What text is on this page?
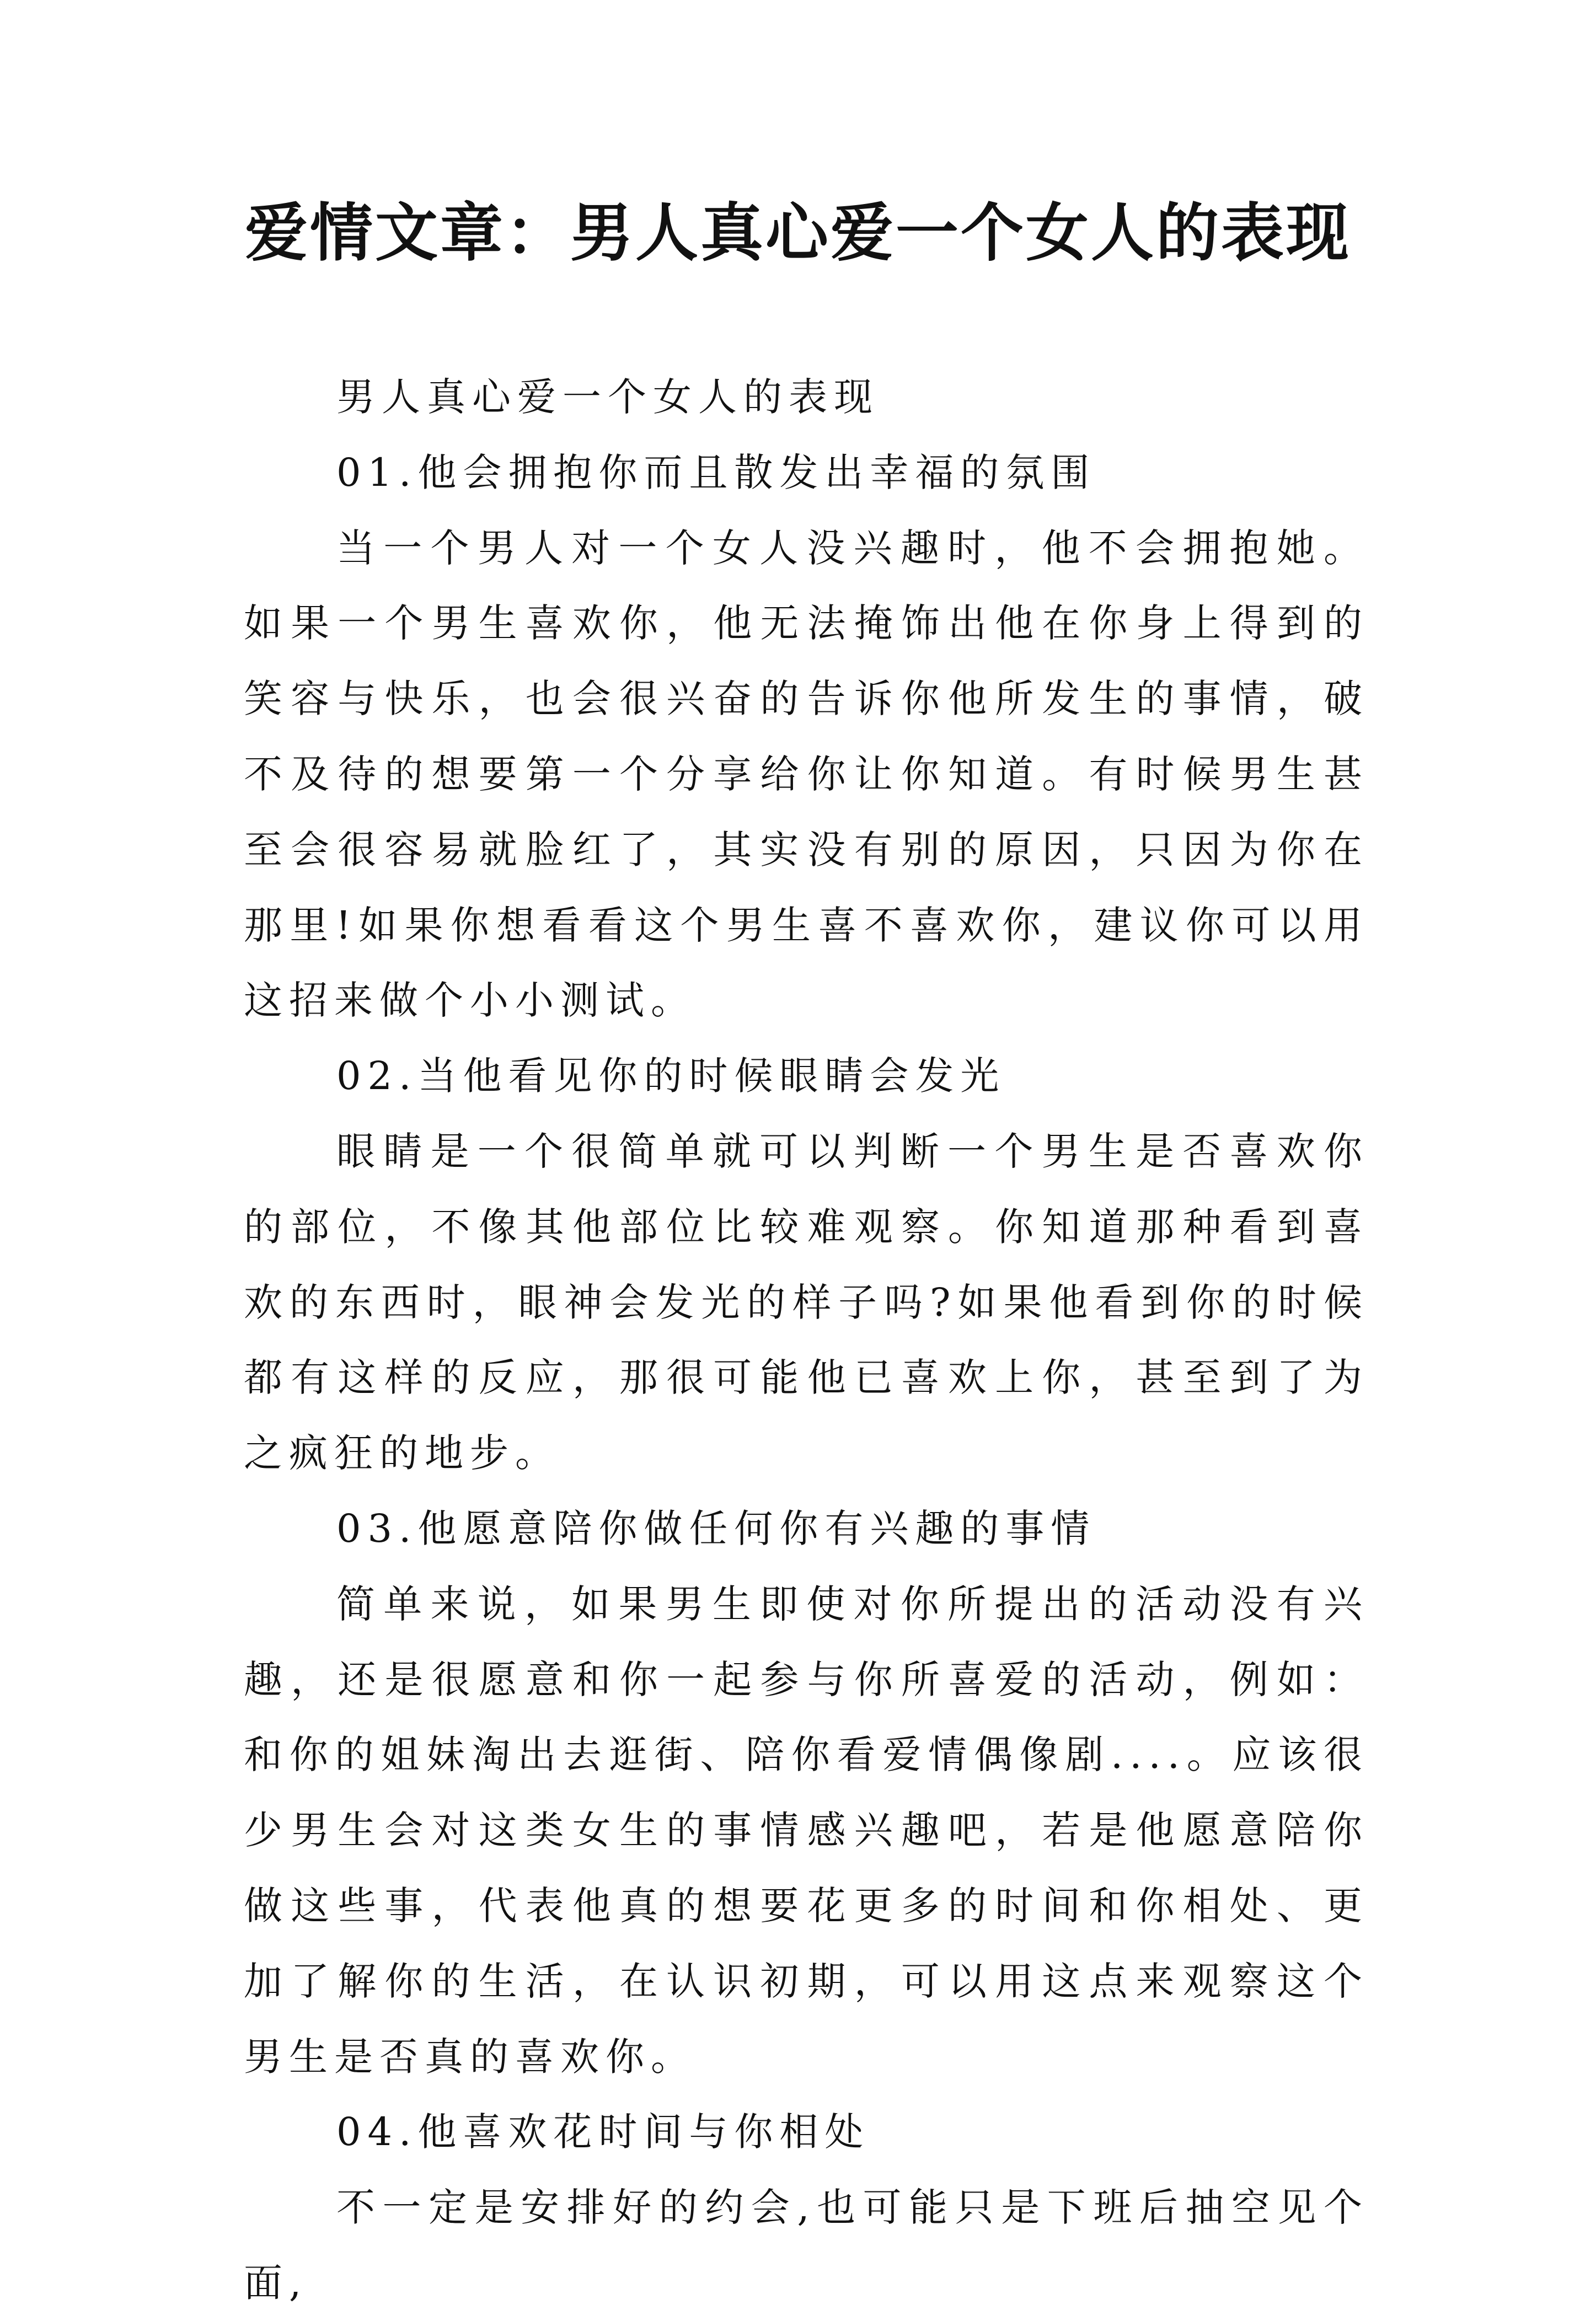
爱情文章：男人真心爱一个女人的表现

男人真心爱一个女人的表现

01.他会拥抱你而且散发出幸福的氛围

当一个男人对一个女人没兴趣时，他不会拥抱她。如果一个男生喜欢你，他无法掩饰出他在你身上得到的笑容与快乐，也会很兴奋的告诉你他所发生的事情，破不及待的想要第一个分享给你让你知道。有时候男生甚至会很容易就脸红了，其实没有别的原因，只因为你在那里!如果你想看看这个男生喜不喜欢你，建议你可以用这招来做个小小测试。

02.当他看见你的时候眼睛会发光

眼睛是一个很简单就可以判断一个男生是否喜欢你的部位，不像其他部位比较难观察。你知道那种看到喜欢的东西时，眼神会发光的样子吗?如果他看到你的时候都有这样的反应，那很可能他已喜欢上你，甚至到了为之疯狂的地步。

03.他愿意陪你做任何你有兴趣的事情

简单来说，如果男生即使对你所提出的活动没有兴趣，还是很愿意和你一起参与你所喜爱的活动，例如：和你的姐妹淘出去逛街、陪你看爱情偶像剧....。应该很少男生会对这类女生的事情感兴趣吧，若是他愿意陪你做这些事，代表他真的想要花更多的时间和你相处、更加了解你的生活，在认识初期，可以用这点来观察这个男生是否真的喜欢你。

04.他喜欢花时间与你相处

不一定是安排好的约会,也可能只是下班后抽空见个面,
